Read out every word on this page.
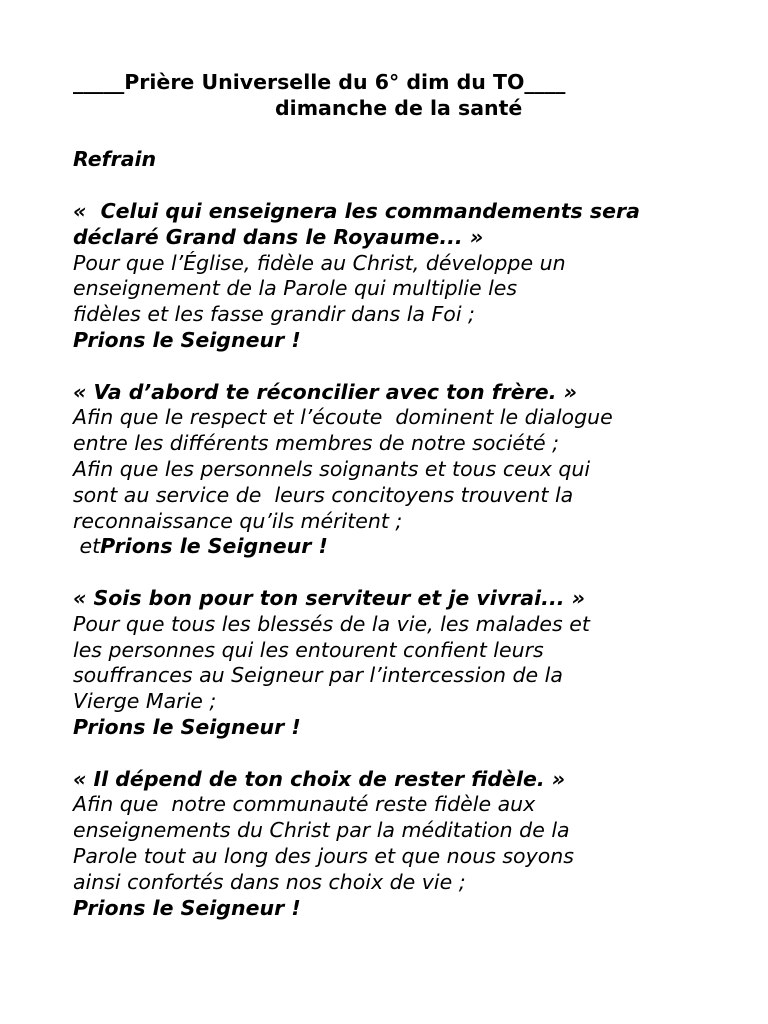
_____Prière Universelle du 6° dim du TO____
dimanche de la santé
Refrain
«  Celui qui enseignera les commandements sera déclaré Grand dans le Royaume... »
Pour que l’Église, fidèle au Christ, développe un
enseignement de la Parole qui multiplie les
fidèles et les fasse grandir dans la Foi ;
Prions le Seigneur !
« Va d’abord te réconcilier avec ton frère. »
Afin que le respect et l’écoute  dominent le dialogue
entre les différents membres de notre société ;
Afin que les personnels soignants et tous ceux qui
sont au service de  leurs concitoyens trouvent la
reconnaissance qu’ils méritent ;
etPrions le Seigneur !
« Sois bon pour ton serviteur et je vivrai... »
Pour que tous les blessés de la vie, les malades et
les personnes qui les entourent confient leurs
souffrances au Seigneur par l’intercession de la
Vierge Marie ;
Prions le Seigneur !
« Il dépend de ton choix de rester fidèle. »
Afin que  notre communauté reste fidèle aux
enseignements du Christ par la méditation de la
Parole tout au long des jours et que nous soyons
ainsi confortés dans nos choix de vie ;
Prions le Seigneur !
